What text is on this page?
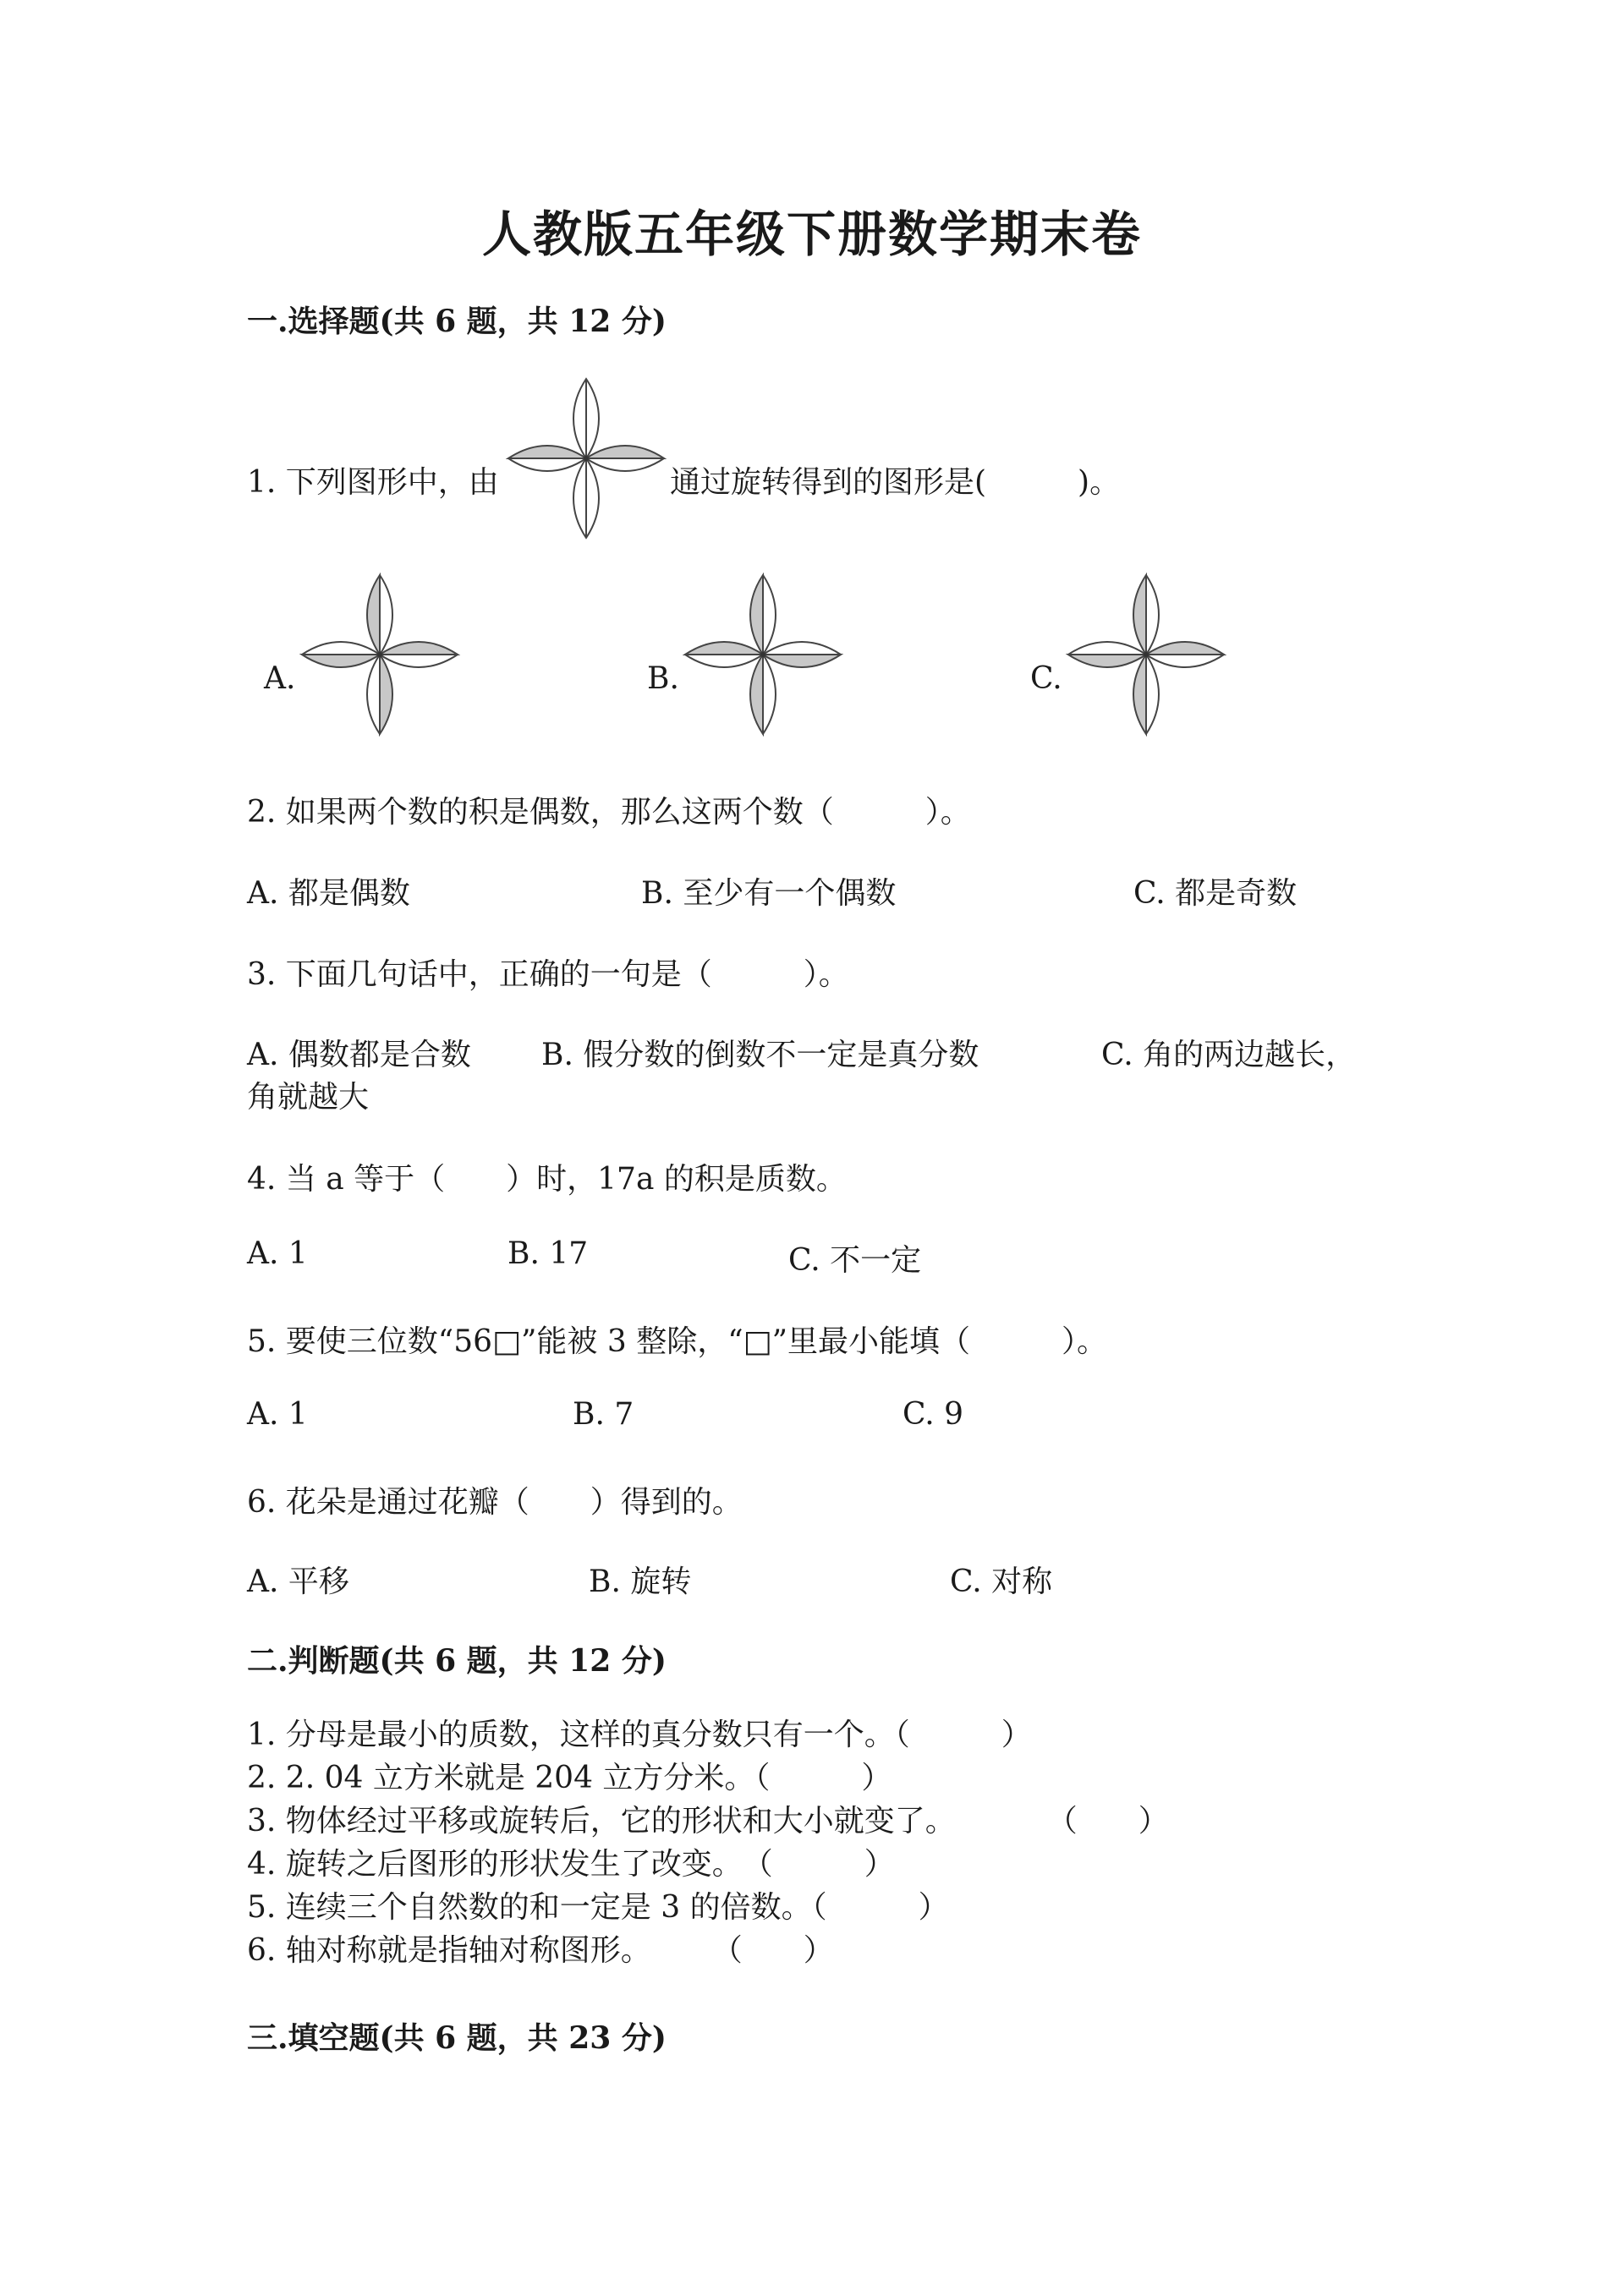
人教版五年级下册数学期末卷
一.选择题(共 6 题，共 12 分)
1. 下列图形中，由	通过旋转得到的图形是(　　　)。
A.	B.	C.
2. 如果两个数的积是偶数，那么这两个数（　　　）。
A. 都是偶数	B. 至少有一个偶数	C. 都是奇数
3. 下面几句话中，正确的一句是（　　　）。
A. 偶数都是合数 B. 假分数的倒数不一定是真分数	C. 角的两边越长，
角就越大
4. 当 a 等于（　　）时，17a 的积是质数。
A. 1	B. 17	C. 不一定
5. 要使三位数“56□”能被 3 整除，“□”里最小能填（　　　）。
A. 1	B. 7	C. 9
6. 花朵是通过花瓣（　　）得到的。
A. 平移	B. 旋转	C. 对称
二.判断题(共 6 题，共 12 分)
1. 分母是最小的质数，这样的真分数只有一个。（　　　）
2. 2. 04 立方米就是 204 立方分米。（　　　）
3. 物体经过平移或旋转后，它的形状和大小就变了。　　　　（　　）
4. 旋转之后图形的形状发生了改变。　（　　　）
5. 连续三个自然数的和一定是 3 的倍数。（　　　）
6. 轴对称就是指轴对称图形。　　　（　　）
三.填空题(共 6 题，共 23 分)
